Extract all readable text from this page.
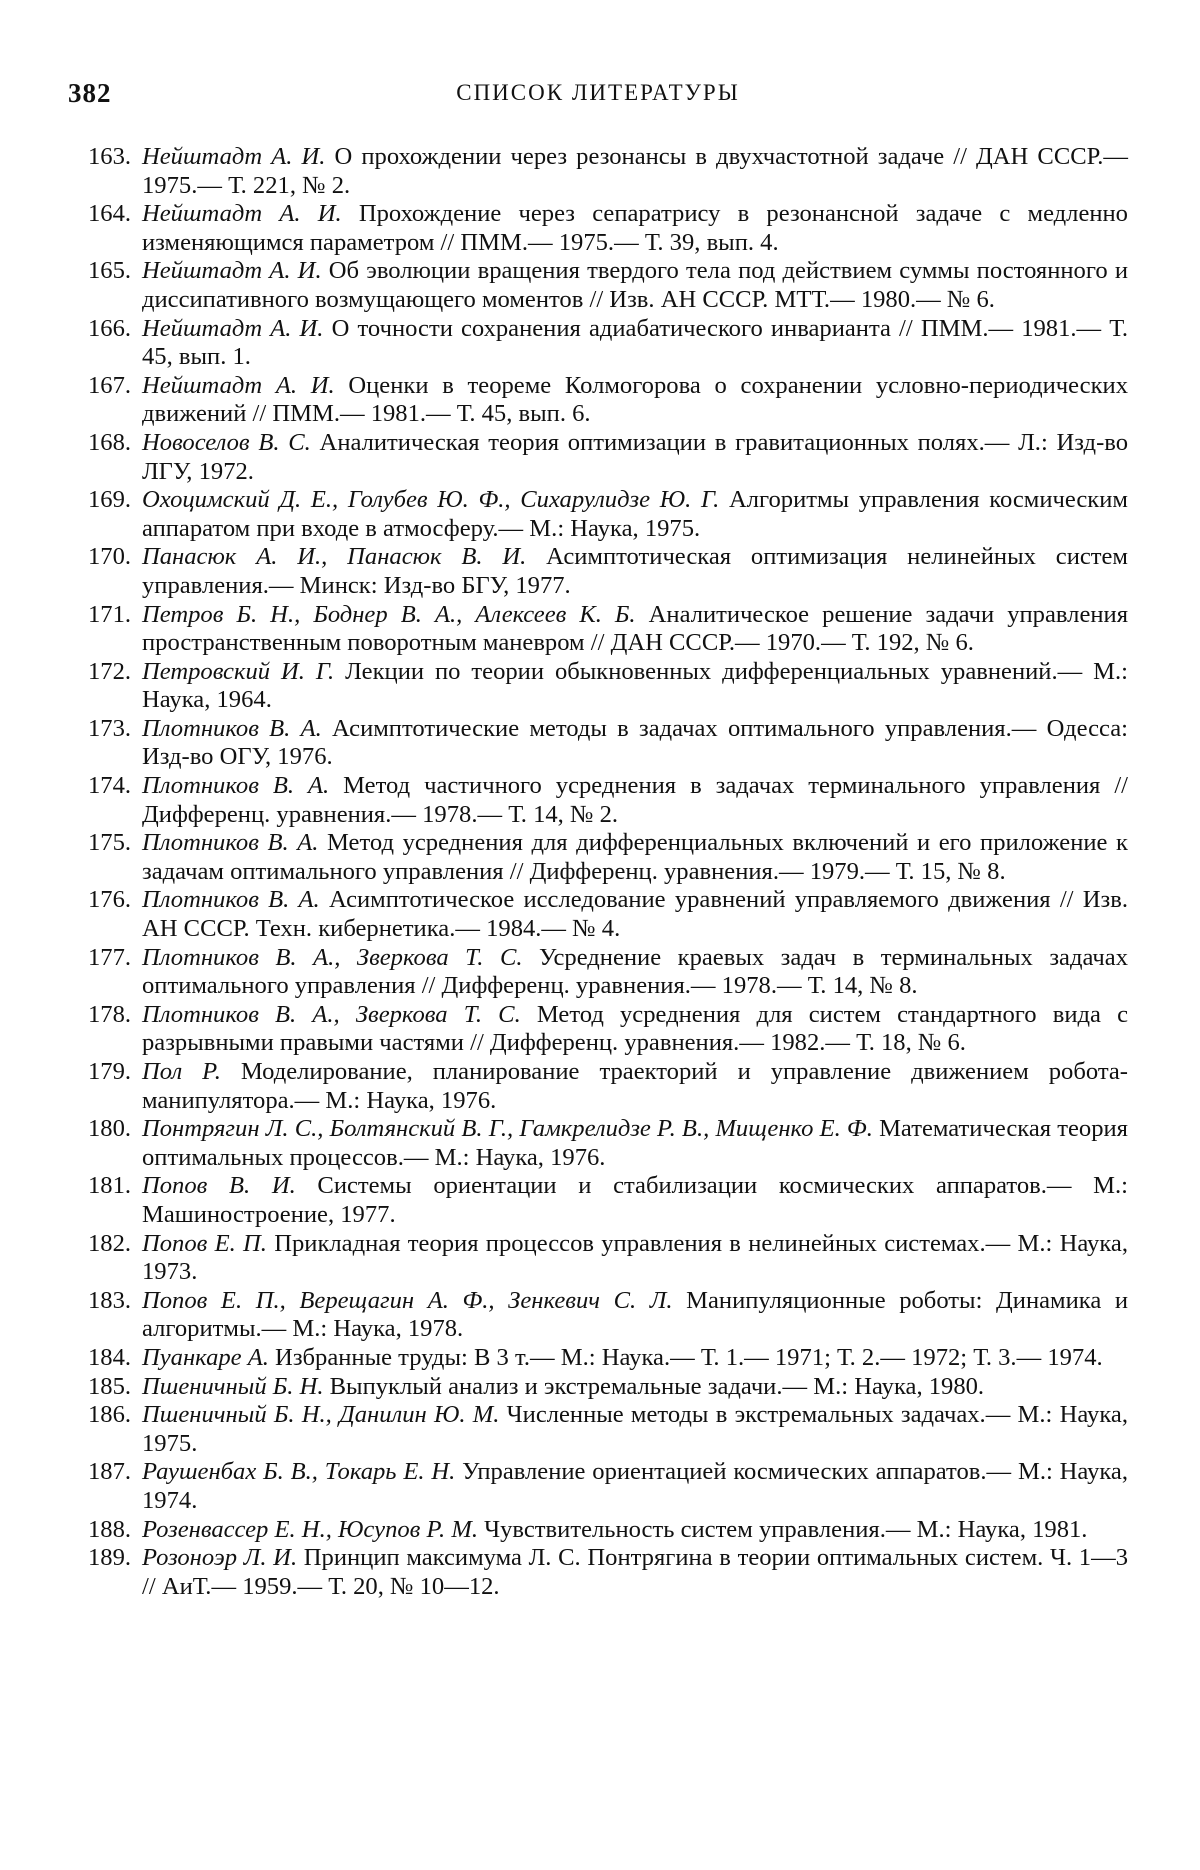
382	СПИСОК ЛИТЕРАТУРЫ
163. Нейштадт А. И. О прохождении через резонансы в двухчастотной задаче // ДАН СССР.— 1975.— Т. 221, № 2.
164. Нейштадт А. И. Прохождение через сепаратрису в резонансной задаче с медленно изменяющимся параметром // ПММ.— 1975.— Т. 39, вып. 4.
165. Нейштадт А. И. Об эволюции вращения твердого тела под действием суммы постоянного и диссипативного возмущающего моментов // Изв. АН СССР. МТТ.— 1980.— № 6.
166. Нейштадт А. И. О точности сохранения адиабатического инварианта // ПММ.— 1981.— Т. 45, вып. 1.
167. Нейштадт А. И. Оценки в теореме Колмогорова о сохранении условно-периодических движений // ПММ.— 1981.— Т. 45, вып. 6.
168. Новоселов В. С. Аналитическая теория оптимизации в гравитационных полях.— Л.: Изд-во ЛГУ, 1972.
169. Охоцимский Д. Е., Голубев Ю. Ф., Сихарулидзе Ю. Г. Алгоритмы управления космическим аппаратом при входе в атмосферу.— М.: Наука, 1975.
170. Панасюк А. И., Панасюк В. И. Асимптотическая оптимизация нелинейных систем управления.— Минск: Изд-во БГУ, 1977.
171. Петров Б. Н., Боднер В. А., Алексеев К. Б. Аналитическое решение задачи управления пространственным поворотным маневром // ДАН СССР.— 1970.— Т. 192, № 6.
172. Петровский И. Г. Лекции по теории обыкновенных дифференциальных уравнений.— М.: Наука, 1964.
173. Плотников В. А. Асимптотические методы в задачах оптимального управления.— Одесса: Изд-во ОГУ, 1976.
174. Плотников В. А. Метод частичного усреднения в задачах терминального управления // Дифференц. уравнения.— 1978.— Т. 14, № 2.
175. Плотников В. А. Метод усреднения для дифференциальных включений и его приложение к задачам оптимального управления // Дифференц. уравнения.— 1979.— Т. 15, № 8.
176. Плотников В. А. Асимптотическое исследование уравнений управляемого движения // Изв. АН СССР. Техн. кибернетика.— 1984.— № 4.
177. Плотников В. А., Зверкова Т. С. Усреднение краевых задач в терминальных задачах оптимального управления // Дифференц. уравнения.— 1978.— Т. 14, № 8.
178. Плотников В. А., Зверкова Т. С. Метод усреднения для систем стандартного вида с разрывными правыми частями // Дифференц. уравнения.— 1982.— Т. 18, № 6.
179. Пол Р. Моделирование, планирование траекторий и управление движением робота-манипулятора.— М.: Наука, 1976.
180. Понтрягин Л. С., Болтянский В. Г., Гамкрелидзе Р. В., Мищенко Е. Ф. Математическая теория оптимальных процессов.— М.: Наука, 1976.
181. Попов В. И. Системы ориентации и стабилизации космических аппаратов.— М.: Машиностроение, 1977.
182. Попов Е. П. Прикладная теория процессов управления в нелинейных системах.— М.: Наука, 1973.
183. Попов Е. П., Верещагин А. Ф., Зенкевич С. Л. Манипуляционные роботы: Динамика и алгоритмы.— М.: Наука, 1978.
184. Пуанкаре А. Избранные труды: В 3 т.— М.: Наука.— Т. 1.— 1971; Т. 2.— 1972; Т. 3.— 1974.
185. Пшеничный Б. Н. Выпуклый анализ и экстремальные задачи.— М.: Наука, 1980.
186. Пшеничный Б. Н., Данилин Ю. М. Численные методы в экстремальных задачах.— М.: Наука, 1975.
187. Раушенбах Б. В., Токарь Е. Н. Управление ориентацией космических аппаратов.— М.: Наука, 1974.
188. Розенвассер Е. Н., Юсупов Р. М. Чувствительность систем управления.— М.: Наука, 1981.
189. Розоноэр Л. И. Принцип максимума Л. С. Понтрягина в теории оптимальных систем. Ч. 1—3 // АиТ.— 1959.— Т. 20, № 10—12.
